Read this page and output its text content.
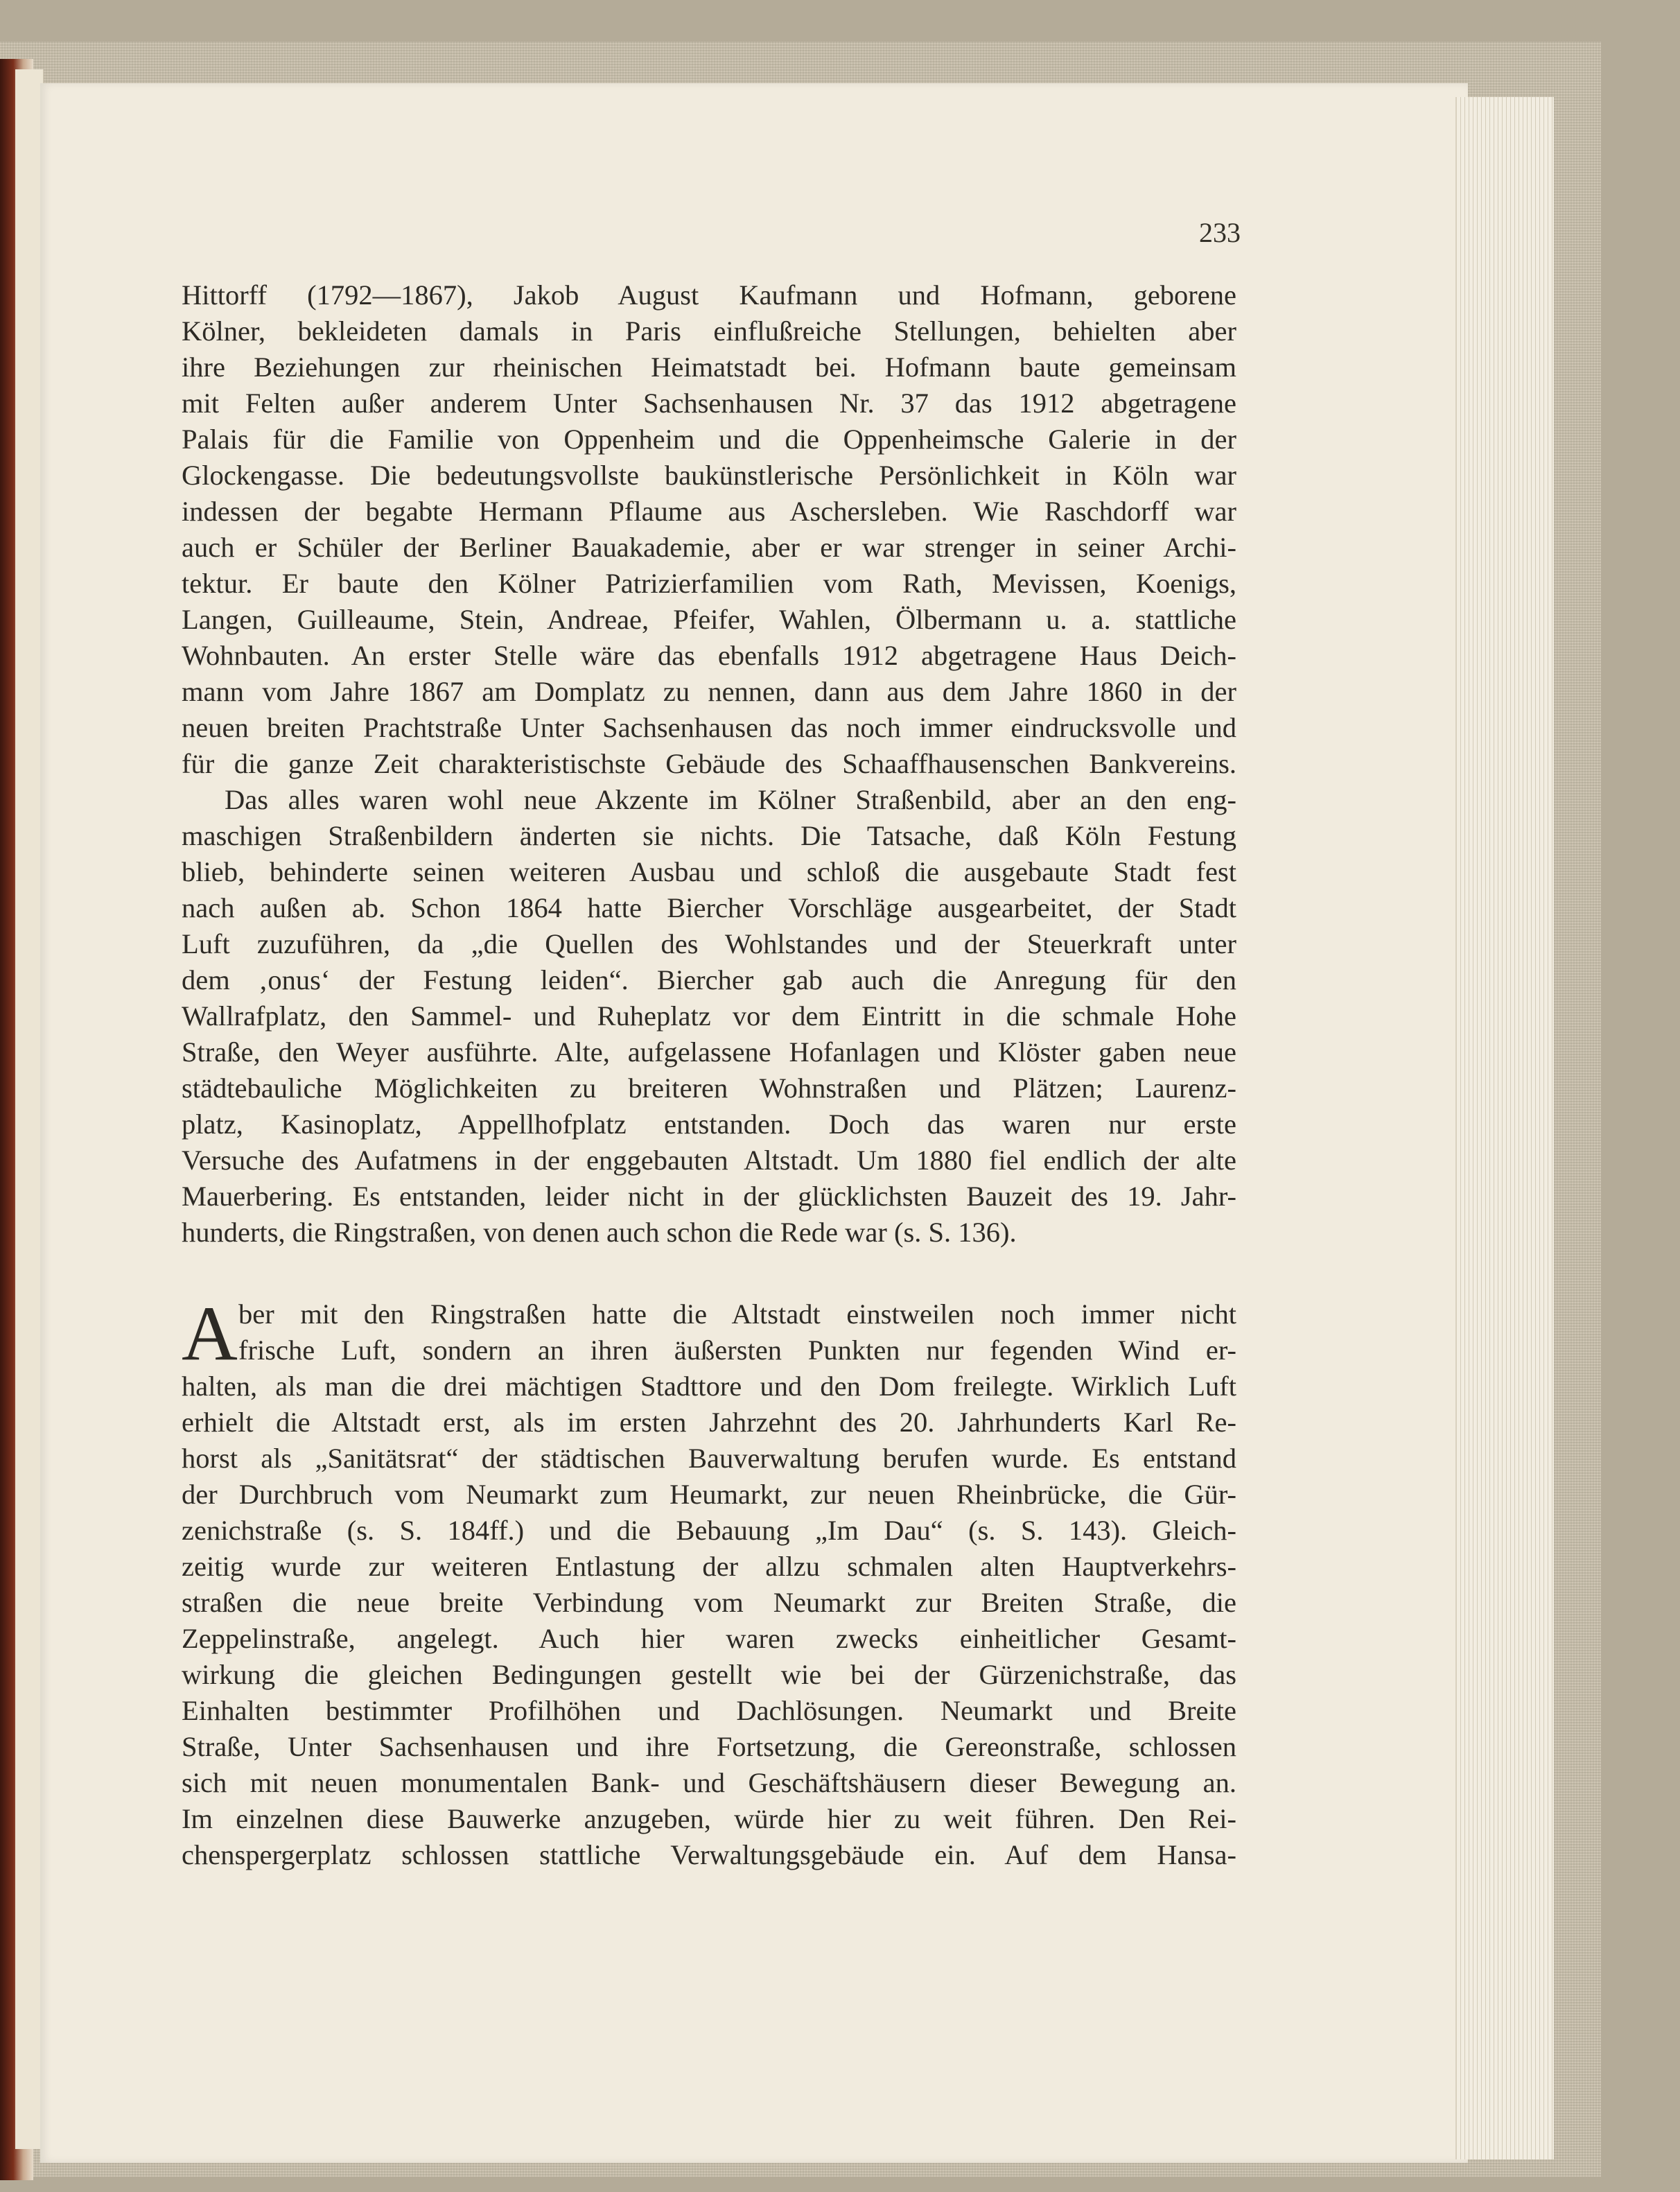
233
Hittorff (1792—1867), Jakob August Kaufmann und Hofmann, geborene
Kölner, bekleideten damals in Paris einflußreiche Stellungen, behielten aber
ihre Beziehungen zur rheinischen Heimatstadt bei. Hofmann baute gemeinsam
mit Felten außer anderem Unter Sachsenhausen Nr. 37 das 1912 abgetragene
Palais für die Familie von Oppenheim und die Oppenheimsche Galerie in der
Glockengasse. Die bedeutungsvollste baukünstlerische Persönlichkeit in Köln war
indessen der begabte Hermann Pflaume aus Aschersleben. Wie Raschdorff war
auch er Schüler der Berliner Bauakademie, aber er war strenger in seiner Archi-
tektur. Er baute den Kölner Patrizierfamilien vom Rath, Mevissen, Koenigs,
Langen, Guilleaume, Stein, Andreae, Pfeifer, Wahlen, Ölbermann u. a. stattliche
Wohnbauten. An erster Stelle wäre das ebenfalls 1912 abgetragene Haus Deich-
mann vom Jahre 1867 am Domplatz zu nennen, dann aus dem Jahre 1860 in der
neuen breiten Prachtstraße Unter Sachsenhausen das noch immer eindrucksvolle und
für die ganze Zeit charakteristischste Gebäude des Schaaffhausenschen Bankvereins.
Das alles waren wohl neue Akzente im Kölner Straßenbild, aber an den eng-
maschigen Straßenbildern änderten sie nichts. Die Tatsache, daß Köln Festung
blieb, behinderte seinen weiteren Ausbau und schloß die ausgebaute Stadt fest
nach außen ab. Schon 1864 hatte Biercher Vorschläge ausgearbeitet, der Stadt
Luft zuzuführen, da „die Quellen des Wohlstandes und der Steuerkraft unter
dem ‚onus‘ der Festung leiden“. Biercher gab auch die Anregung für den
Wallrafplatz, den Sammel- und Ruheplatz vor dem Eintritt in die schmale Hohe
Straße, den Weyer ausführte. Alte, aufgelassene Hofanlagen und Klöster gaben neue
städtebauliche Möglichkeiten zu breiteren Wohnstraßen und Plätzen; Laurenz-
platz, Kasinoplatz, Appellhofplatz entstanden. Doch das waren nur erste
Versuche des Aufatmens in der enggebauten Altstadt. Um 1880 fiel endlich der alte
Mauerbering. Es entstanden, leider nicht in der glücklichsten Bauzeit des 19. Jahr-
hunderts, die Ringstraßen, von denen auch schon die Rede war (s. S. 136).
A ber mit den Ringstraßen hatte die Altstadt einstweilen noch immer nicht
frische Luft, sondern an ihren äußersten Punkten nur fegenden Wind er-
halten, als man die drei mächtigen Stadttore und den Dom freilegte. Wirklich Luft
erhielt die Altstadt erst, als im ersten Jahrzehnt des 20. Jahrhunderts Karl Re-
horst als „Sanitätsrat“ der städtischen Bauverwaltung berufen wurde. Es entstand
der Durchbruch vom Neumarkt zum Heumarkt, zur neuen Rheinbrücke, die Gür-
zenichstraße (s. S. 184ff.) und die Bebauung „Im Dau“ (s. S. 143). Gleich-
zeitig wurde zur weiteren Entlastung der allzu schmalen alten Hauptverkehrs-
straßen die neue breite Verbindung vom Neumarkt zur Breiten Straße, die
Zeppelinstraße, angelegt. Auch hier waren zwecks einheitlicher Gesamt-
wirkung die gleichen Bedingungen gestellt wie bei der Gürzenichstraße, das
Einhalten bestimmter Profilhöhen und Dachlösungen. Neumarkt und Breite
Straße, Unter Sachsenhausen und ihre Fortsetzung, die Gereonstraße, schlossen
sich mit neuen monumentalen Bank- und Geschäftshäusern dieser Bewegung an.
Im einzelnen diese Bauwerke anzugeben, würde hier zu weit führen. Den Rei-
chenspergerplatz schlossen stattliche Verwaltungsgebäude ein. Auf dem Hansa-
